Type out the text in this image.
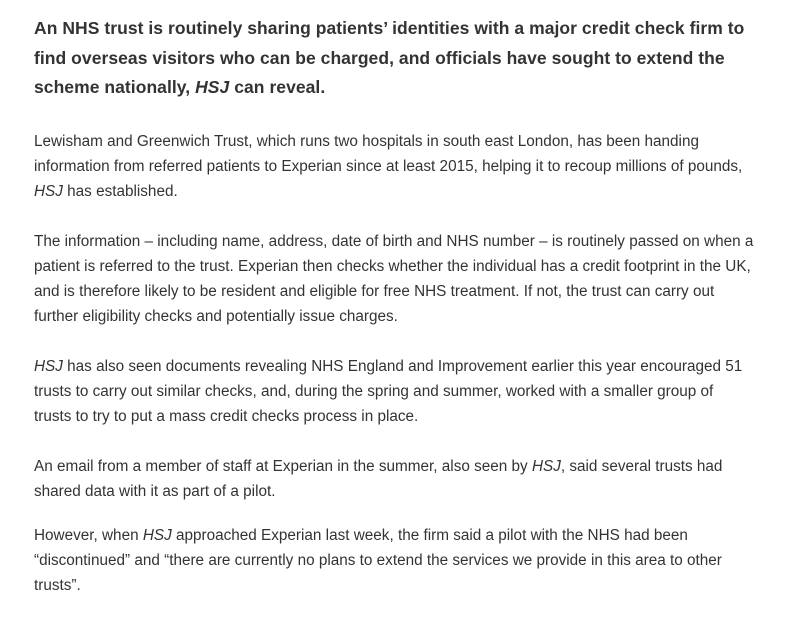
An NHS trust is routinely sharing patients’ identities with a major credit check firm to find overseas visitors who can be charged, and officials have sought to extend the scheme nationally, HSJ can reveal.

Lewisham and Greenwich Trust, which runs two hospitals in south east London, has been handing information from referred patients to Experian since at least 2015, helping it to recoup millions of pounds, HSJ has established.

The information – including name, address, date of birth and NHS number – is routinely passed on when a patient is referred to the trust. Experian then checks whether the individual has a credit footprint in the UK, and is therefore likely to be resident and eligible for free NHS treatment. If not, the trust can carry out further eligibility checks and potentially issue charges.

HSJ has also seen documents revealing NHS England and Improvement earlier this year encouraged 51 trusts to carry out similar checks, and, during the spring and summer, worked with a smaller group of trusts to try to put a mass credit checks process in place.

An email from a member of staff at Experian in the summer, also seen by HSJ, said several trusts had shared data with it as part of a pilot.

However, when HSJ approached Experian last week, the firm said a pilot with the NHS had been “discontinued” and “there are currently no plans to extend the services we provide in this area to other trusts”.
